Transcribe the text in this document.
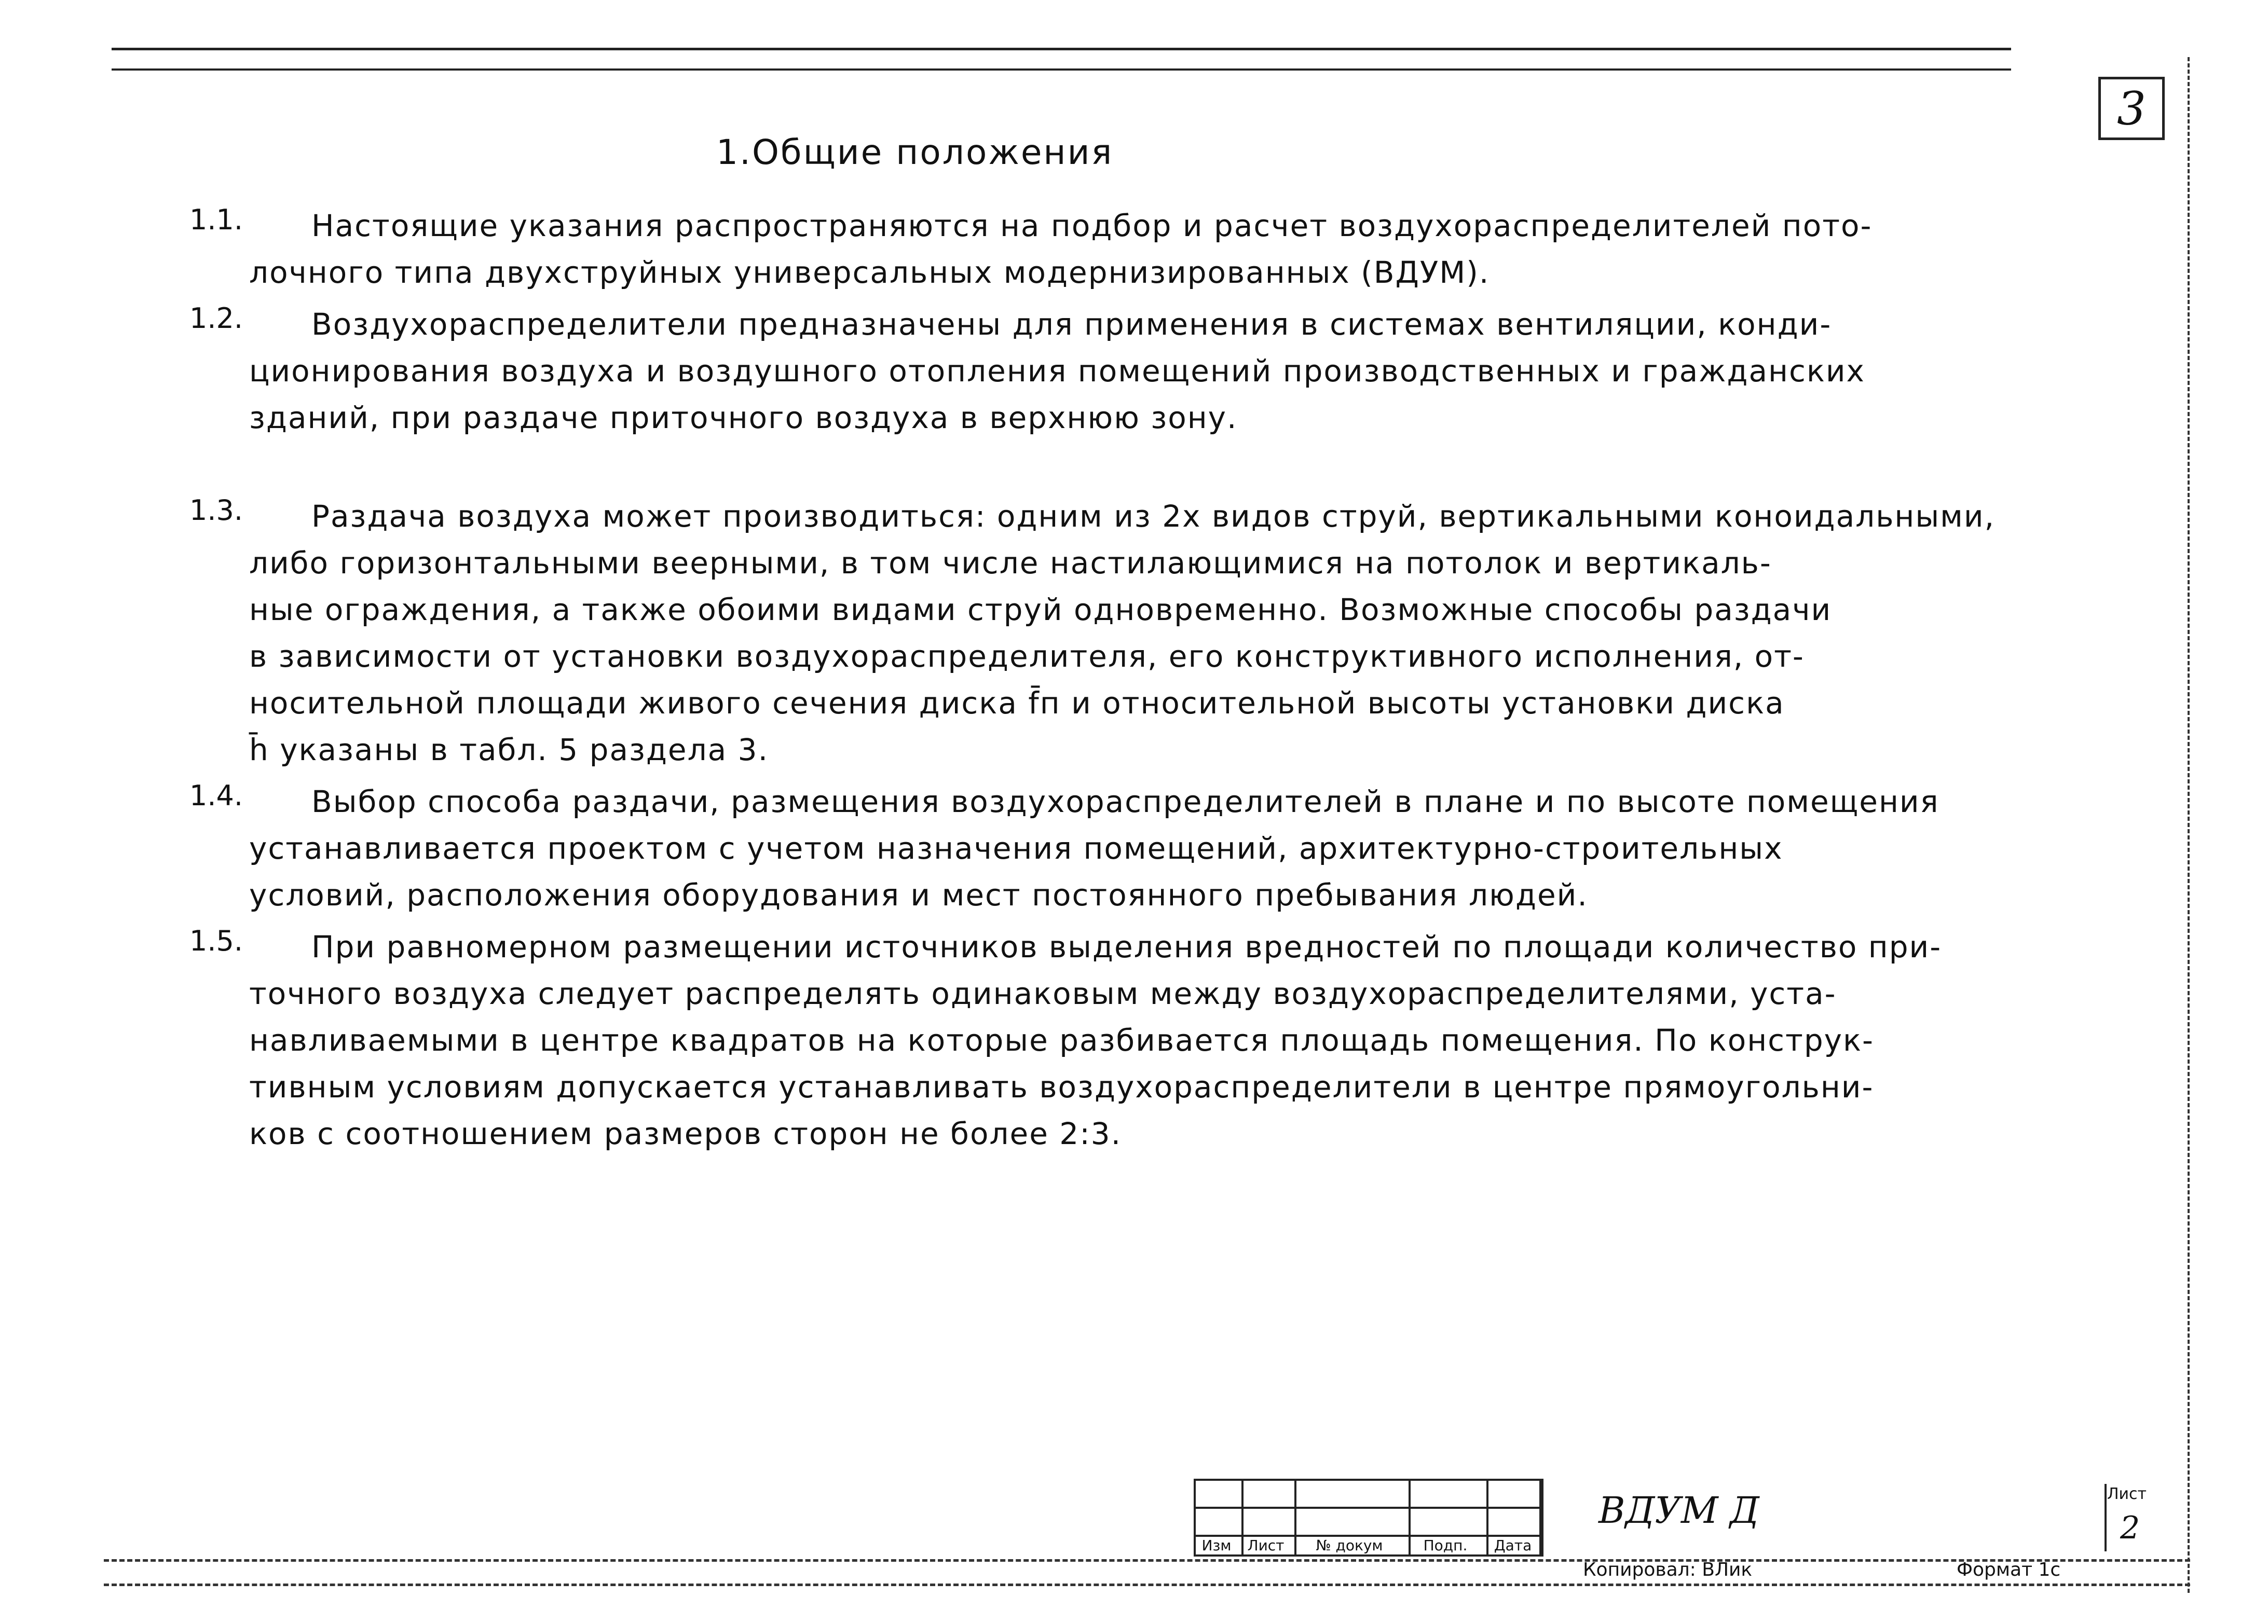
3
1.Общие положения
1.1.	Настоящие указания распространяются на подбор и расчет воздухораспределителей пото-
лочного типа двухструйных универсальных модернизированных (ВДУМ).
1.2.	Воздухораспределители предназначены для применения в системах вентиляции, конди-
ционирования воздуха и воздушного отопления помещений производственных и гражданских
зданий, при раздаче приточного воздуха в верхнюю зону.
1.3.	Раздача воздуха может производиться: одним из 2х видов струй, вертикальными коноидальными,
либо горизонтальными веерными, в том числе настилающимися на потолок и вертикаль-
ные ограждения, а также обоими видами струй одновременно. Возможные способы раздачи
в зависимости от установки воздухораспределителя, его конструктивного исполнения, от-
носительной площади живого сечения диска f̄п и относительной высоты установки диска
h̄ указаны в табл. 5 раздела 3.
1.4.	Выбор способа раздачи, размещения воздухораспределителей в плане и по высоте помещения
устанавливается проектом с учетом назначения помещений, архитектурно-строительных
условий, расположения оборудования и мест постоянного пребывания людей.
1.5.	При равномерном размещении источников выделения вредностей по площади количество при-
точного воздуха следует распределять одинаковым между воздухораспределителями, уста-
навливаемыми в центре квадратов на которые разбивается площадь помещения. По конструк-
тивным условиям допускается устанавливать воздухораспределители в центре прямоугольни-
ков с соотношением размеров сторон не более 2:3.
Изм	Лист	№ докум	Подп.	Дата
ВДУМ Д	Лист
2
Копировал: ВЛик	Формат 1с
